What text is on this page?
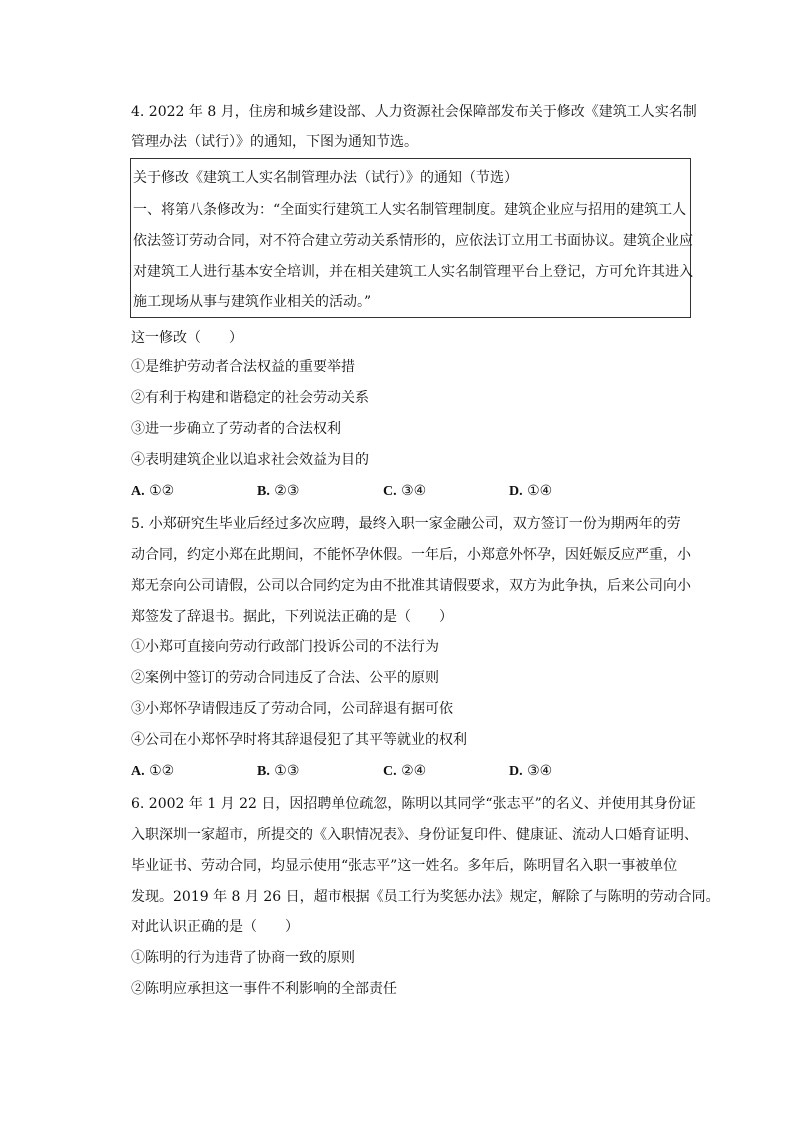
4. 2022 年 8 月，住房和城乡建设部、人力资源社会保障部发布关于修改《建筑工人实名制
管理办法（试行）》的通知，下图为通知节选。
关于修改《建筑工人实名制管理办法（试行）》的通知（节选）
一、将第八条修改为：“全面实行建筑工人实名制管理制度。建筑企业应与招用的建筑工人
依法签订劳动合同，对不符合建立劳动关系情形的，应依法订立用工书面协议。建筑企业应
对建筑工人进行基本安全培训，并在相关建筑工人实名制管理平台上登记，方可允许其进入
施工现场从事与建筑作业相关的活动。”
这一修改（　　）
①是维护劳动者合法权益的重要举措
②有利于构建和谐稳定的社会劳动关系
③进一步确立了劳动者的合法权利
④表明建筑企业以追求社会效益为目的
A. ①②	B. ②③	C. ③④	D. ①④
5. 小郑研究生毕业后经过多次应聘，最终入职一家金融公司，双方签订一份为期两年的劳
动合同，约定小郑在此期间，不能怀孕休假。一年后，小郑意外怀孕，因妊娠反应严重，小
郑无奈向公司请假，公司以合同约定为由不批准其请假要求，双方为此争执，后来公司向小
郑签发了辞退书。据此，下列说法正确的是（　　）
①小郑可直接向劳动行政部门投诉公司的不法行为
②案例中签订的劳动合同违反了合法、公平的原则
③小郑怀孕请假违反了劳动合同，公司辞退有据可依
④公司在小郑怀孕时将其辞退侵犯了其平等就业的权利
A. ①②	B. ①③	C. ②④	D. ③④
6. 2002 年 1 月 22 日，因招聘单位疏忽，陈明以其同学“张志平”的名义、并使用其身份证
入职深圳一家超市，所提交的《入职情况表》、身份证复印件、健康证、流动人口婚育证明、
毕业证书、劳动合同，均显示使用“张志平”这一姓名。多年后，陈明冒名入职一事被单位
发现。2019 年 8 月 26 日，超市根据《员工行为奖惩办法》规定，解除了与陈明的劳动合同。
对此认识正确的是（　　）
①陈明的行为违背了协商一致的原则
②陈明应承担这一事件不利影响的全部责任
